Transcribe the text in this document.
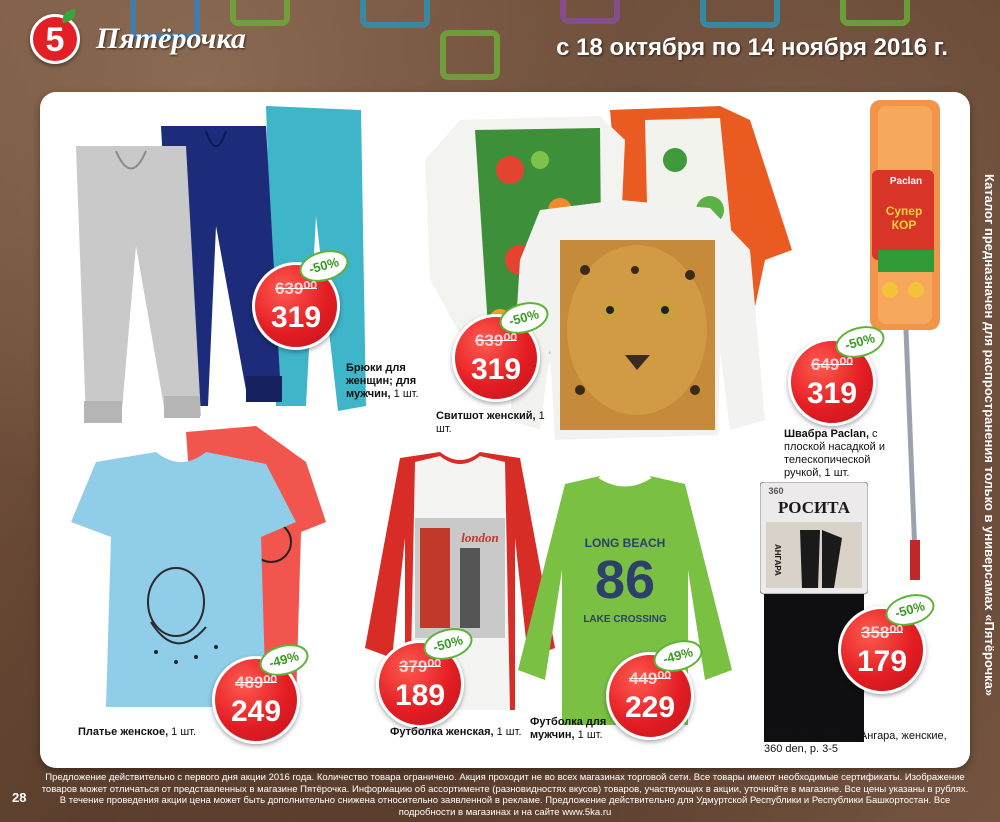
5	Пятёрочка	с 18 октября по 14 ноября 2016 г.
-50%
639⁰⁰
319
Брюки для женщин; для мужчин, 1 шт.
-50%
639⁰⁰
319
Свитшот женский, 1 шт.
Paclan
Супер КОР
-50%
649⁰⁰
319
Швабра Paclan, с плоской насадкой и телескопической ручкой, 1 шт.
-49%
489⁰⁰
249
Платье женское, 1 шт.
london
-50%
379⁰⁰
189
Футболка женская, 1 шт.
LONG BEACH
86
LAKE CROSSING
-49%
449⁰⁰
229
Футболка для мужчин, 1 шт.
360
РОСИТА
АНГАРА
-50%
358⁰⁰
179
Колготки Росита, Ангара, женские, 360 den, р. 3-5
Каталог предназначен для распространения только в универсамах «Пятёрочка»
Предложение действительно с первого дня акции 2016 года. Количество товара ограничено. Акция проходит не во всех магазинах торговой сети. Все товары имеют необходимые сертификаты. Изображение товаров может отличаться от представленных в магазине Пятёрочка. Информацию об ассортименте (разновидностях вкусов) товаров, участвующих в акции, уточняйте в магазине. Все цены указаны в рублях. В течение проведения акции цена может быть дополнительно снижена относительно заявленной в рекламе. Предложение действительно для Удмуртской Республики и Республики Башкортостан. Все подробности в магазинах и на сайте www.5ka.ru
28
